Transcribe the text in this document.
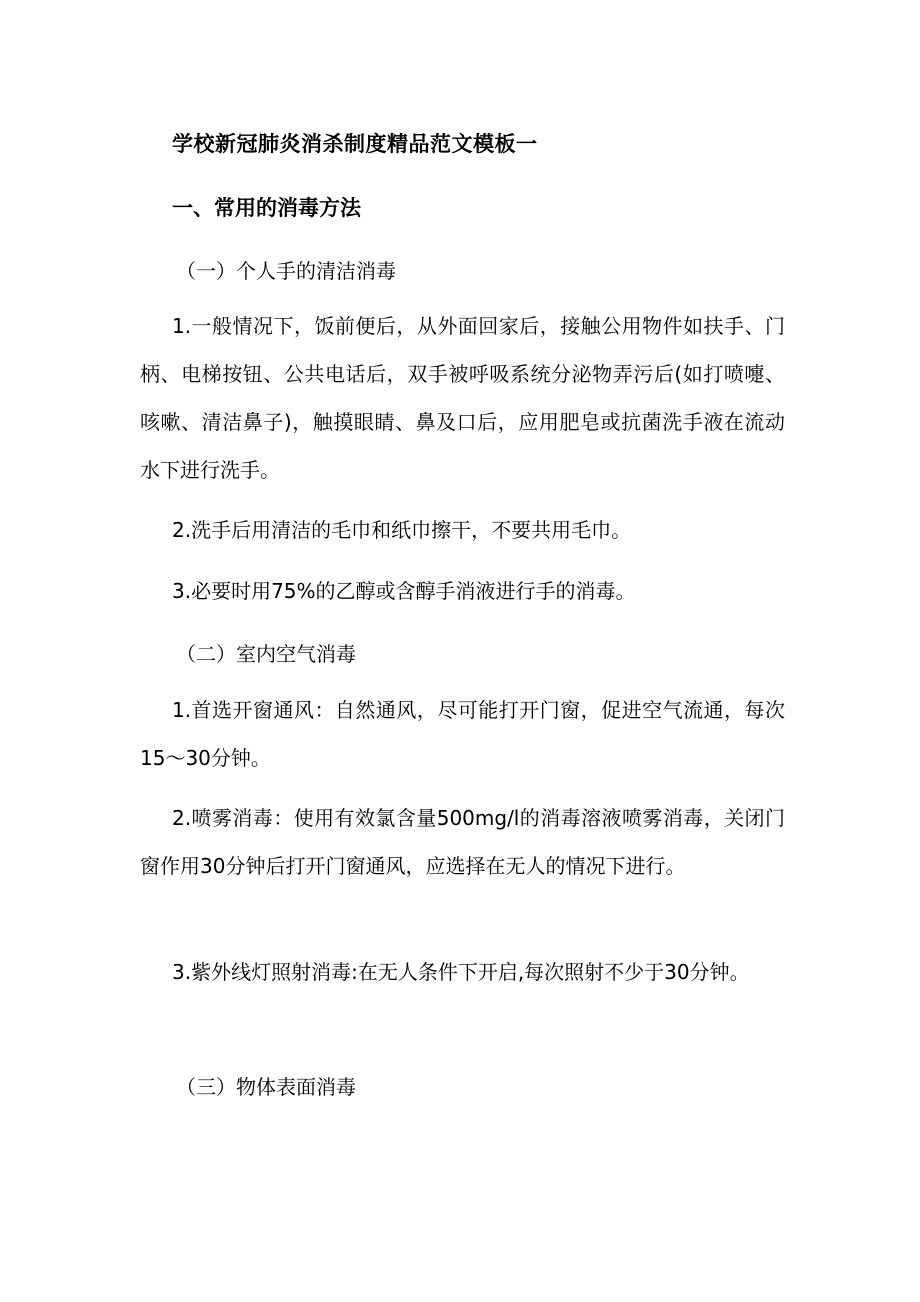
学校新冠肺炎消杀制度精品范文模板一
一、常用的消毒方法
（一）个人手的清洁消毒

1.一般情况下，饭前便后，从外面回家后，接触公用物件如扶手、门柄、电梯按钮、公共电话后，双手被呼吸系统分泌物弄污后(如打喷嚏、咳嗽、清洁鼻子)，触摸眼睛、鼻及口后，应用肥皂或抗菌洗手液在流动水下进行洗手。

2.洗手后用清洁的毛巾和纸巾擦干，不要共用毛巾。

3.必要时用75%的乙醇或含醇手消液进行手的消毒。

（二）室内空气消毒

1.首选开窗通风：自然通风，尽可能打开门窗，促进空气流通，每次15～30分钟。

2.喷雾消毒：使用有效氯含量500mg/l的消毒溶液喷雾消毒，关闭门窗作用30分钟后打开门窗通风，应选择在无人的情况下进行。

3.紫外线灯照射消毒:在无人条件下开启,每次照射不少于30分钟。

（三）物体表面消毒
